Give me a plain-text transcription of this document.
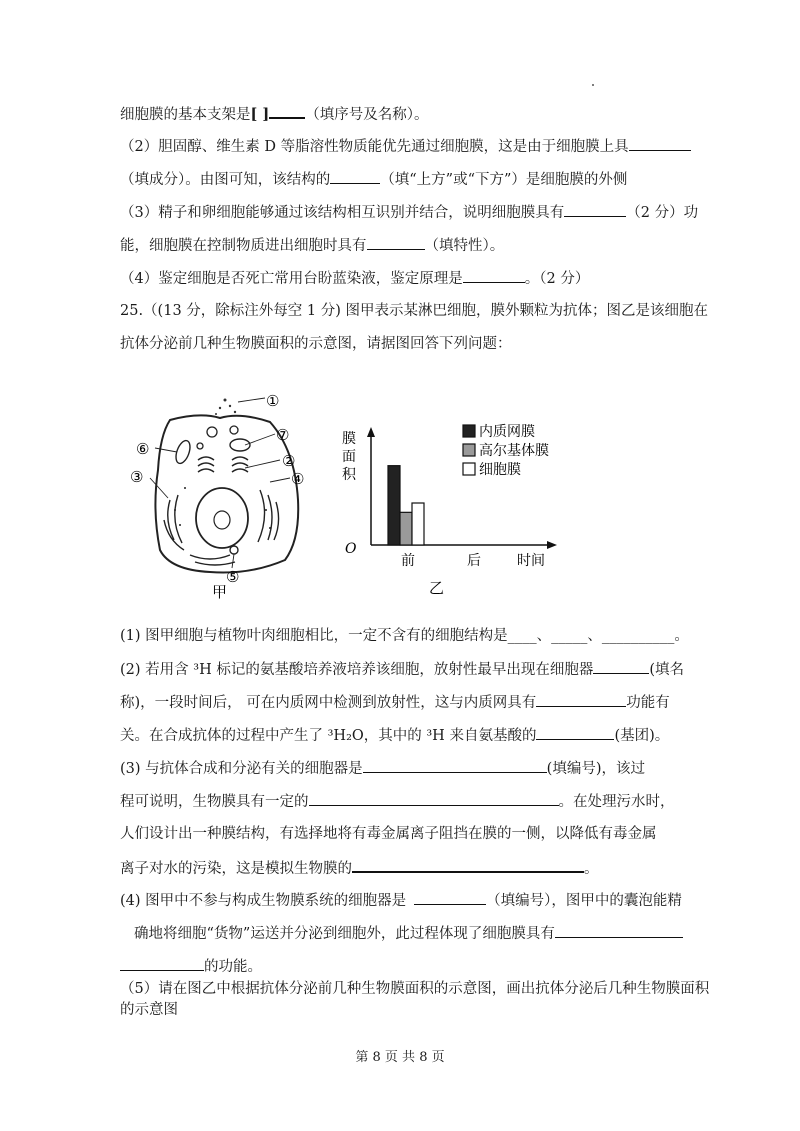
细胞膜的基本支架是[ ] （填序号及名称）。
（2）胆固醇、维生素 D 等脂溶性物质能优先通过细胞膜，这是由于细胞膜上具
（填成分）。由图可知，该结构的	（填“上方”或“下方”）是细胞膜的外侧
（3）精子和卵细胞能够通过该结构相互识别并结合，说明细胞膜具有	（2 分）功
能，细胞膜在控制物质进出细胞时具有	（填特性）。
（4）鉴定细胞是否死亡常用台盼蓝染液，鉴定原理是	。（2 分）
25.（(13 分，除标注外每空 1 分) 图甲表示某淋巴细胞，膜外颗粒为抗体；图乙是该细胞在
抗体分泌前几种生物膜面积的示意图，请据图回答下列问题：
①
⑦
②
④
⑤
⑥
③
甲
膜
面
积
O
时间
前	后
内质网膜
高尔基体膜
细胞膜
乙
(1) 图甲细胞与植物叶肉细胞相比，一定不含有的细胞结构是____、_____、__________。
(2) 若用含 ³H 标记的氨基酸培养液培养该细胞，放射性最早出现在细胞器	(填名
称)，一段时间后， 可在内质网中检测到放射性，这与内质网具有	功能有
关。在合成抗体的过程中产生了 ³H₂O，其中的 ³H 来自氨基酸的	(基团)。
(3) 与抗体合成和分泌有关的细胞器是	(填编号)，该过
程可说明，生物膜具有一定的	。在处理污水时，
人们设计出一种膜结构，有选择地将有毒金属离子阻挡在膜的一侧，以降低有毒金属
离子对水的污染，这是模拟生物膜的	。
(4) 图甲中不参与构成生物膜系统的细胞器是	（填编号），图甲中的囊泡能精
确地将细胞“货物”运送并分泌到细胞外，此过程体现了细胞膜具有
的功能。
（5）请在图乙中根据抗体分泌前几种生物膜面积的示意图，画出抗体分泌后几种生物膜面积
的示意图
第 8 页 共 8 页
